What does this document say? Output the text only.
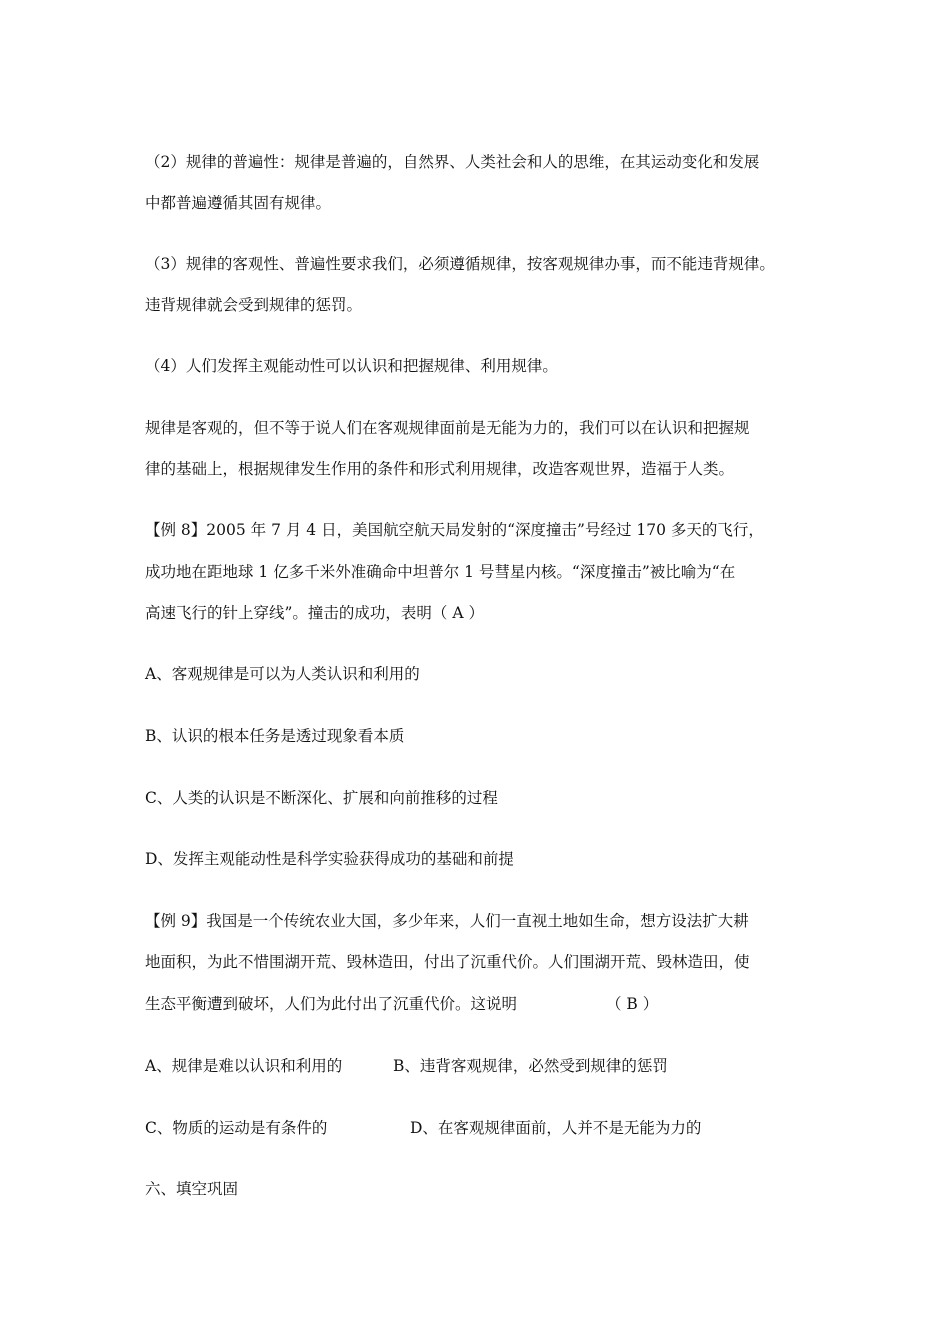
（2）规律的普遍性：规律是普遍的，自然界、人类社会和人的思维，在其运动变化和发展
中都普遍遵循其固有规律。
（3）规律的客观性、普遍性要求我们，必须遵循规律，按客观规律办事，而不能违背规律。
违背规律就会受到规律的惩罚。
（4）人们发挥主观能动性可以认识和把握规律、利用规律。
规律是客观的，但不等于说人们在客观规律面前是无能为力的，我们可以在认识和把握规
律的基础上，根据规律发生作用的条件和形式利用规律，改造客观世界，造福于人类。
【例 8】2005 年 7 月 4 日，美国航空航天局发射的“深度撞击”号经过 170 多天的飞行，
成功地在距地球 1 亿多千米外准确命中坦普尔 1 号彗星内核。“深度撞击”被比喻为“在
高速飞行的针上穿线”。撞击的成功，表明（ A ）
A、客观规律是可以为人类认识和利用的
B、认识的根本任务是透过现象看本质
C、人类的认识是不断深化、扩展和向前推移的过程
D、发挥主观能动性是科学实验获得成功的基础和前提
【例 9】我国是一个传统农业大国，多少年来，人们一直视土地如生命，想方设法扩大耕
地面积，为此不惜围湖开荒、毁林造田，付出了沉重代价。人们围湖开荒、毁林造田，使
生态平衡遭到破坏，人们为此付出了沉重代价。这说明	（ B ）
A、规律是难以认识和利用的	B、违背客观规律，必然受到规律的惩罚
C、物质的运动是有条件的	D、在客观规律面前，人并不是无能为力的
六、填空巩固
